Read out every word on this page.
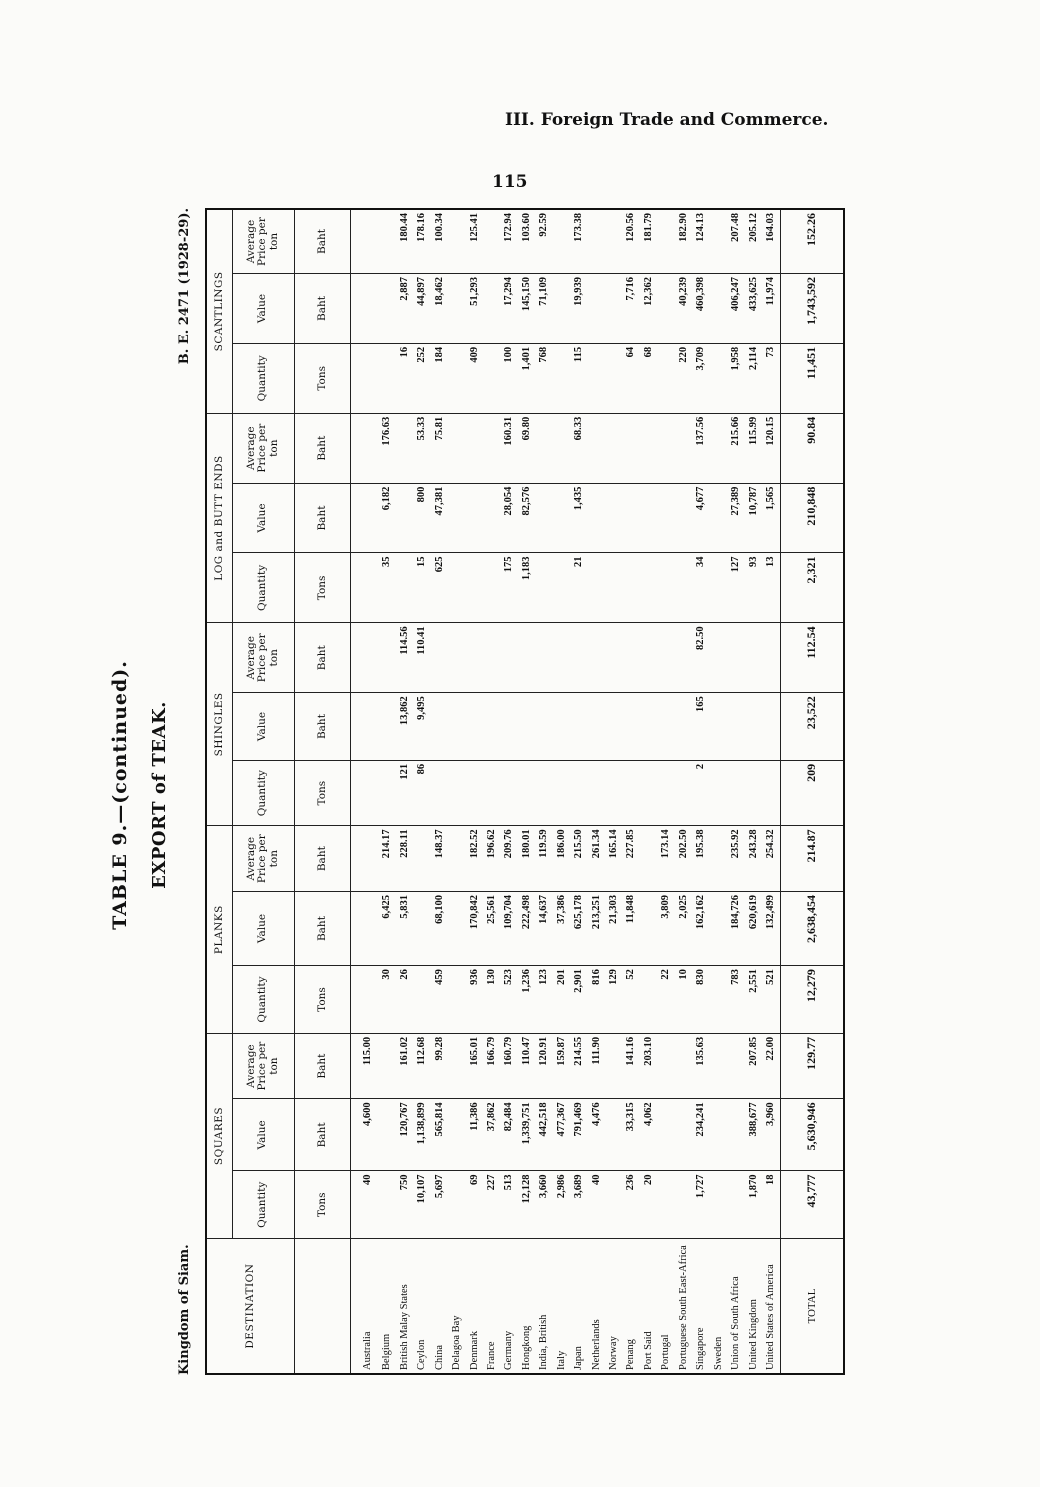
III. Foreign Trade and Commerce.
115
Kingdom of Siam.
B. E. 2471 (1928-29).
TABLE 9.—(continued). EXPORT of TEAK.
DESTINATION	SQUARES			PLANKS			SHINGLES			LOG and BUTT ENDS			SCANTLINGS		
	Quantity	Value	Average Price per ton	Quantity	Value	Average Price per ton	Quantity	Value	Average Price per ton	Quantity	Value	Average Price per ton	Quantity	Value	Average Price per ton
	Tons	Baht	Baht	Tons	Baht	Baht	Tons	Baht	Baht	Tons	Baht	Baht	Tons	Baht	Baht
Australia	40	4,600	115.00												
Belgium				30	6,425	214.17				35	6,182	176.63			
British Malay States	750	120,767	161.02	26	5,831	228.11	121	13,862	114.56				16	2,887	180.44
Ceylon	10,107	1,138,899	112.68				86	9,495	110.41	15	800	53.33	252	44,897	178.16
China	5,697	565,814	99.28	459	68,100	148.37				625	47,381	75.81	184	18,462	100.34
Delagoa Bay															
Denmark	69	11,386	165.01	936	170,842	182.52							409	51,293	125.41
France	227	37,862	166.79	130	25,561	196.62									
Germany	513	82,484	160.79	523	109,704	209.76				175	28,054	160.31	100	17,294	172.94
Hongkong	12,128	1,339,751	110.47	1,236	222,498	180.01				1,183	82,576	69.80	1,401	145,150	103.60
India, British	3,660	442,518	120.91	123	14,637	119.59							768	71,109	92.59
Italy	2,986	477,367	159.87	201	37,386	186.00									
Japan	3,689	791,469	214.55	2,901	625,178	215.50				21	1,435	68.33	115	19,939	173.38
Netherlands	40	4,476	111.90	816	213,251	261.34									
Norway				129	21,303	165.14									
Penang	236	33,315	141.16	52	11,848	227.85							64	7,716	120.56
Port Said	20	4,062	203.10										68	12,362	181.79
Portugal				22	3,809	173.14									
Portuguese South East-Africa				10	2,025	202.50							220	40,239	182.90
Singapore	1,727	234,241	135.63	830	162,162	195.38	2	165	82.50	34	4,677	137.56	3,709	460,398	124.13
Sweden															
Union of South Africa				783	184,726	235.92				127	27,389	215.66	1,958	406,247	207.48
United Kingdom	1,870	388,677	207.85	2,551	620,619	243.28				93	10,787	115.99	2,114	433,625	205.12
United States of America	18	3,960	22.00	521	132,499	254.32				13	1,565	120.15	73	11,974	164.03
TOTAL	43,777	5,630,946	129.77	12,279	2,638,454	214.87	209	23,522	112.54	2,321	210,848	90.84	11,451	1,743,592	152.26
